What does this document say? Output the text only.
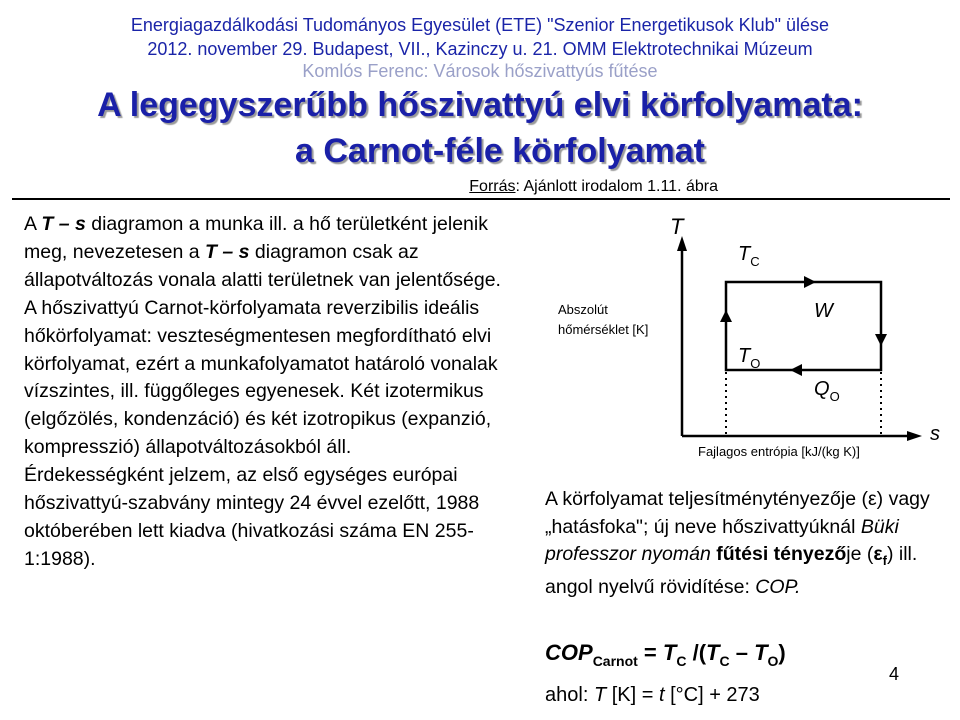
Energiagazdálkodási Tudományos Egyesület (ETE) "Szenior Energetikusok Klub" ülése
2012. november 29. Budapest, VII., Kazinczy u. 21. OMM Elektrotechnikai Múzeum
Komlós Ferenc: Városok hőszivattyús fűtése
A legegyszerűbb hőszivattyú elvi körfolyamata:
a Carnot-féle körfolyamat
Forrás: Ajánlott irodalom 1.11. ábra

A T – s diagramon a munka ill. a hő területként jelenik meg, nevezetesen a T – s diagramon csak az állapotváltozás vonala alatti területnek van jelentősége.

A hőszivattyú Carnot-körfolyamata reverzibilis ideális hőkörfolyamat: veszteségmentesen megfordítható elvi körfolyamat, ezért a munkafolyamatot határoló vonalak vízszintes, ill. függőleges egyenesek. Két izotermikus (elgőzölés, kondenzáció) és két izotropikus (expanzió, kompresszió) állapotváltozásokból áll.

Érdekességként jelzem, az első egységes európai hőszivattyú-szabvány mintegy 24 évvel ezelőtt, 1988 októberében lett kiadva (hivatkozási száma EN 255-1:1988).

T
s
$T_C$
$T_O$
W
$Q_O$
Abszolút
hőmérséklet [K]
Fajlagos entrópia [kJ/(kg K)]

A körfolyamat teljesítménytényezője (ε) vagy „hatásfoka"; új neve hőszivattyúknál Büki professzor nyomán fűtési tényezője $(\varepsilon_f)$ ill. angol nyelvű rövidítése: COP.

$COP_{Carnot} = T_C$ $/(T_C - T_O)$
ahol: T [K] = t [°C] + 273
4
